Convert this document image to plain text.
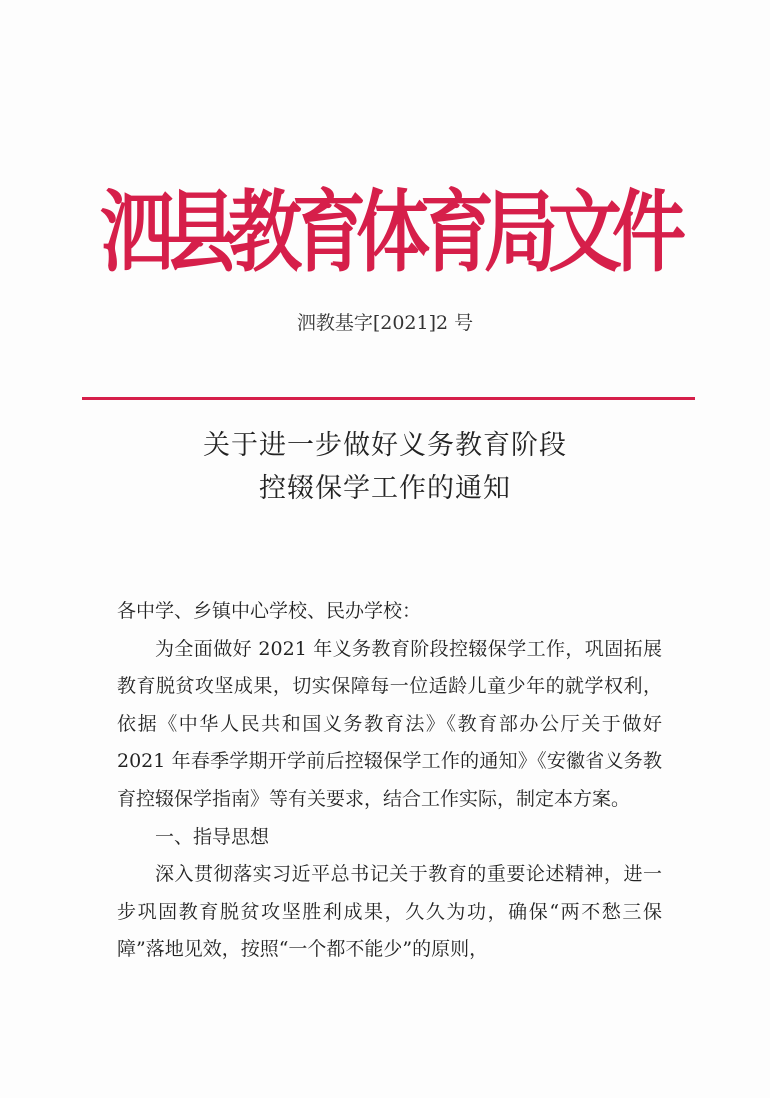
泗
县
教
育
体
育
局
文
件
泗教基字[2021]2 号
关于进一步做好义务教育阶段
控辍保学工作的通知

各中学、乡镇中心学校、民办学校：

为全面做好 2021 年义务教育阶段控辍保学工作，巩固拓展教育脱贫攻坚成果，切实保障每一位适龄儿童少年的就学权利，依据《中华人民共和国义务教育法》《教育部办公厅关于做好 2021 年春季学期开学前后控辍保学工作的通知》《安徽省义务教育控辍保学指南》等有关要求，结合工作实际，制定本方案。

一、指导思想

深入贯彻落实习近平总书记关于教育的重要论述精神，进一步巩固教育脱贫攻坚胜利成果，久久为功，确保“两不愁三保障”落地见效，按照“一个都不能少”的原则，
